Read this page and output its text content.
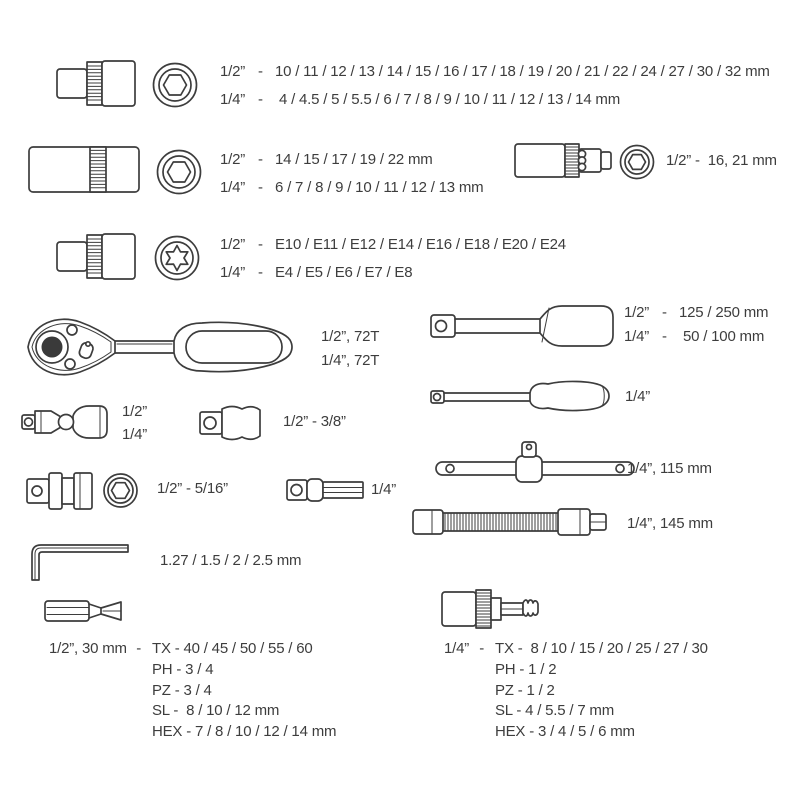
1/2” - 10 / 11 / 12 / 13 / 14 / 15 / 16 / 17 / 18 / 19 / 20 / 21 / 22 / 24 / 27 / 30 / 32 mm
1/4” - 4 / 4.5 / 5 / 5.5 / 6 / 7 / 8 / 9 / 10 / 11 / 12 / 13 / 14 mm
1/2” - 14 / 15 / 17 / 19 / 22 mm
1/4” - 6 / 7 / 8 / 9 / 10 / 11 / 12 / 13 mm
1/2” -  16, 21 mm
1/2” - E10 / E11 / E12 / E14 / E16 / E18 / E20 / E24
1/4” - E4 / E5 / E6 / E7 / E8
1/2”, 72T
1/4”, 72T
1/2” - 125 / 250 mm
1/4” - 50 / 100 mm
1/2”
1/4”
1/2” - 3/8”
1/4”
1/2” - 5/16”	1/4”
1/4”, 115 mm
1.27 / 1.5 / 2 / 2.5 mm
1/4”, 145 mm
1/2”, 30 mm - TX - 40 / 45 / 50 / 55 / 60
PH - 3 / 4
PZ - 3 / 4
SL -  8 / 10 / 12 mm
HEX - 7 / 8 / 10 / 12 / 14 mm
1/4” - TX -  8 / 10 / 15 / 20 / 25 / 27 / 30
PH - 1 / 2
PZ - 1 / 2
SL - 4 / 5.5 / 7 mm
HEX - 3 / 4 / 5 / 6 mm
